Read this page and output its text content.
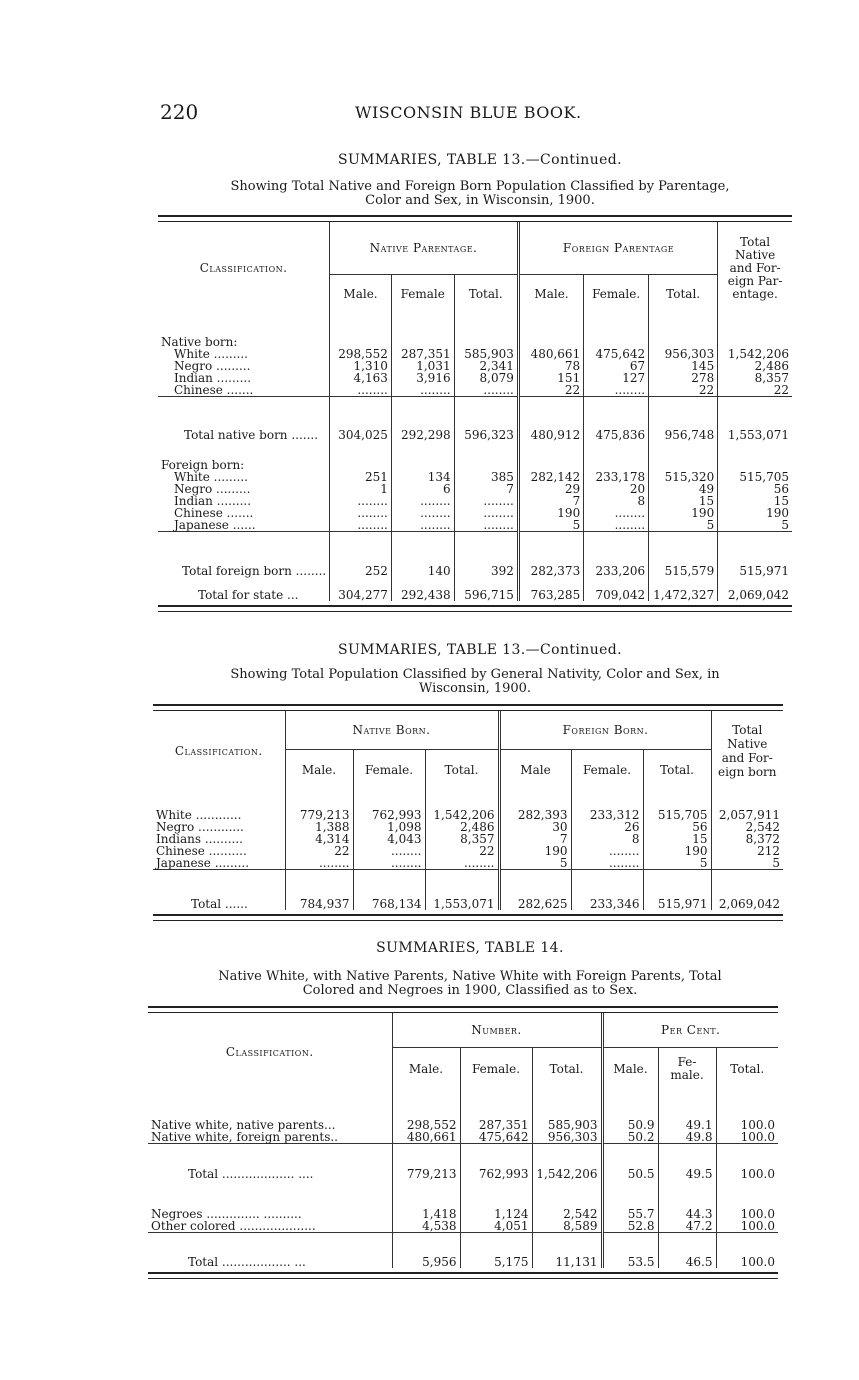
220	WISCONSIN BLUE BOOK.
SUMMARIES, TABLE 13.—Continued.
Showing Total Native and Foreign Born Population Classified by Parentage,
Color and Sex, in Wisconsin, 1900.
Classification.	Native Parentage.			Foreign Parentage			Total
Native
and For-
eign Par-
entage.

	Male.	Female	Total.	Male.	Female.	Total.	
Native born:							
White .........	298,552	287,351	585,903	480,661	475,642	956,303	1,542,206
Negro .........	1,310	1,031	2,341	78	67	145	2,486
Indian .........	4,163	3,916	8,079	151	127	278	8,357
Chinese .......	........	........	........	22	........	22	22
Total native born .......	304,025	292,298	596,323	480,912	475,836	956,748	1,553,071
Foreign born:							
White .........	251	134	385	282,142	233,178	515,320	515,705
Negro .........	1	6	7	29	20	49	56
Indian .........	........	........	........	7	8	15	15
Chinese .......	........	........	........	190	........	190	190
Japanese ......	........	........	........	5	........	5	5
Total foreign born ........	252	140	392	282,373	233,206	515,579	515,971
Total for state ...	304,277	292,438	596,715	763,285	709,042	1,472,327	2,069,042
SUMMARIES, TABLE 13.—Continued.
Showing Total Population Classified by General Nativity, Color and Sex, in
Wisconsin, 1900.
Classification.	Native Born.			Foreign Born.			Total
Native
and For-
eign born

	Male.	Female.	Total.	Male	Female.	Total.	
White ............	779,213	762,993	1,542,206	282,393	233,312	515,705	2,057,911
Negro ............	1,388	1,098	2,486	30	26	56	2,542
Indians ..........	4,314	4,043	8,357	7	8	15	8,372
Chinese ..........	22	........	22	190	........	190	212
Japanese .........	........	........	........	5	........	5	5
Total ......	784,937	768,134	1,553,071	282,625	233,346	515,971	2,069,042
SUMMARIES, TABLE 14.
Native White, with Native Parents, Native White with Foreign Parents, Total
Colored and Negroes in 1900, Classified as to Sex.
Classification.	Number.			Per Cent.		
	Male.	Female.	Total.	Male.	Fe-
male.	Total.
Native white, native parents...	298,552	287,351	585,903	50.9	49.1	100.0
Native white, foreign parents..	480,661	475,642	956,303	50.2	49.8	100.0
Total ................... ....	779,213	762,993	1,542,206	50.5	49.5	100.0
Negroes .............. ..........	1,418	1,124	2,542	55.7	44.3	100.0
Other colored ....................	4,538	4,051	8,589	52.8	47.2	100.0
Total .................. ...	5,956	5,175	11,131	53.5	46.5	100.0
